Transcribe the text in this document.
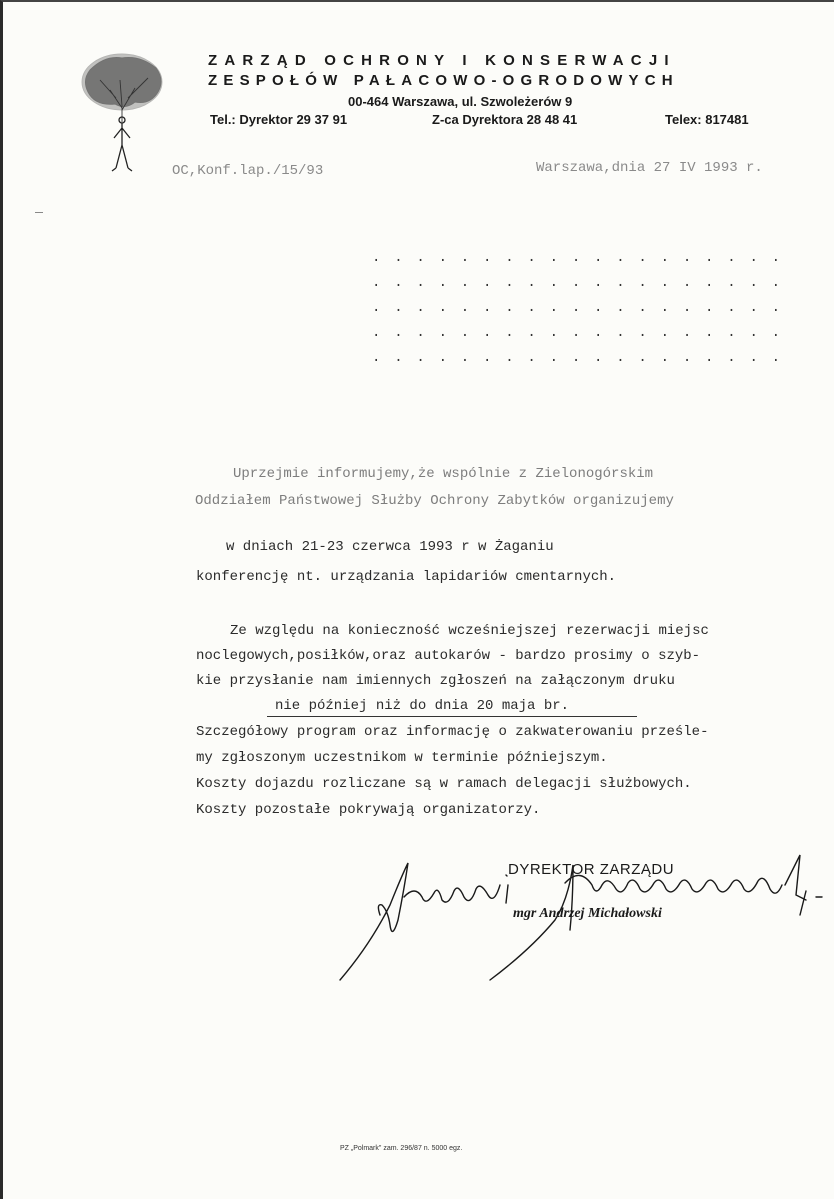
ZARZĄD OCHRONY I KONSERWACJI
ZESPOŁÓW PAŁACOWO-OGRODOWYCH
00-464 Warszawa, ul. Szwoleżerów 9
Tel.: Dyrektor 29 37 91	Z-ca Dyrektora 28 48 41	Telex: 817481
OC,Konf.lap./15/93	Warszawa,dnia 27 IV 1993 r.
. . . . . . . . . . . . . . . . . . .
. . . . . . . . . . . . . . . . . . .
. . . . . . . . . . . . . . . . . . .
. . . . . . . . . . . . . . . . . . .
. . . . . . . . . . . . . . . . . . .
Uprzejmie informujemy,że wspólnie z Zielonogórskim
Oddziałem Państwowej Służby Ochrony Zabytków organizujemy
w dniach 21-23 czerwca 1993 r w Żaganiu
konferencję nt. urządzania lapidariów cmentarnych.
Ze względu na konieczność wcześniejszej rezerwacji miejsc
noclegowych,posiłków,oraz autokarów - bardzo prosimy o szyb-
kie przysłanie nam imiennych zgłoszeń na załączonym druku
nie później niż do dnia 20 maja br.
Szczegółowy program oraz informację o zakwaterowaniu prześle-
my zgłoszonym uczestnikom w terminie późniejszym.
Koszty dojazdu rozliczane są w ramach delegacji służbowych.
Koszty pozostałe pokrywają organizatorzy.
DYREKTOR ZARZĄDU
mgr Andrzej Michałowski
PZ „Polmark" zam. 296/87 n. 5000 egz.
